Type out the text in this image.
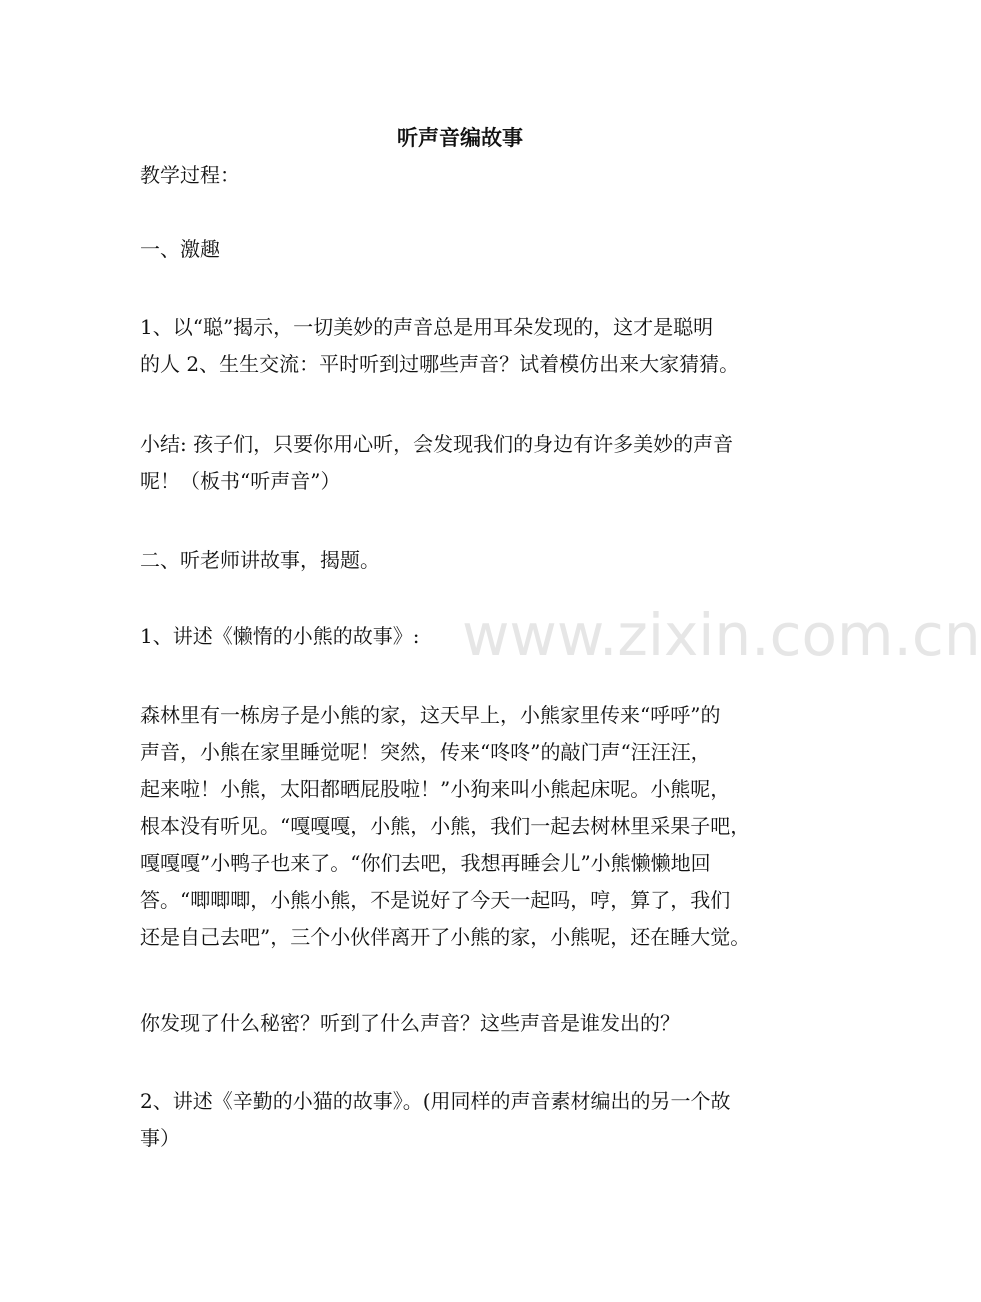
www.zixin.com.cn
听声音编故事
教学过程：
一、激趣
1、以“聪”揭示，一切美妙的声音总是用耳朵发现的，这才是聪明
的人 2、生生交流：平时听到过哪些声音？试着模仿出来大家猜猜。
小结: 孩子们，只要你用心听，会发现我们的身边有许多美妙的声音
呢！（板书“听声音”）
二、听老师讲故事，揭题。
1、讲述《懒惰的小熊的故事》:
森林里有一栋房子是小熊的家，这天早上，小熊家里传来“呼呼”的
声音，小熊在家里睡觉呢！突然，传来“咚咚”的敲门声“汪汪汪，
起来啦！小熊，太阳都晒屁股啦！”小狗来叫小熊起床呢。小熊呢，
根本没有听见。“嘎嘎嘎，小熊，小熊，我们一起去树林里采果子吧，
嘎嘎嘎”小鸭子也来了。“你们去吧，我想再睡会儿”小熊懒懒地回
答。“唧唧唧，小熊小熊，不是说好了今天一起吗，哼，算了，我们
还是自己去吧”，三个小伙伴离开了小熊的家，小熊呢，还在睡大觉。
你发现了什么秘密？听到了什么声音？这些声音是谁发出的？
2、讲述《辛勤的小猫的故事》。(用同样的声音素材编出的另一个故
事）
